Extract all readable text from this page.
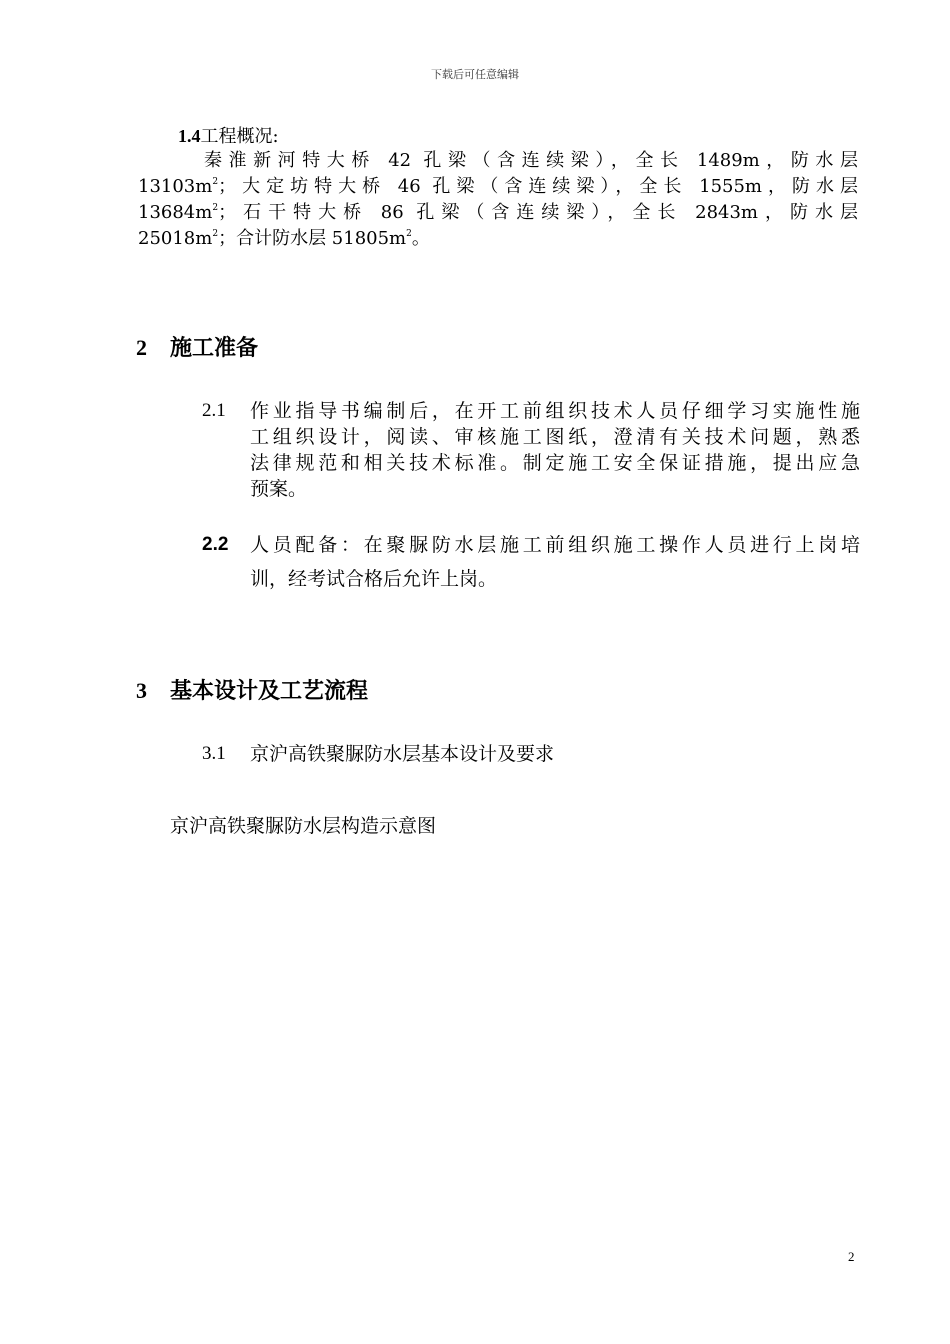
下载后可任意编辑
1.4工程概况:
秦淮新河特大桥 42 孔梁（含连续梁），全长 1489m，防水层
$13103m^2$；大定坊特大桥 46 孔梁（含连续梁），全长 1555m，防水层
$13684m^2$；石干特大桥 86 孔梁（含连续梁），全长 2843m，防水层
$25018m^2$；合计防水层 $51805m^2$。
2 施工准备
2.1 作业指导书编制后，在开工前组织技术人员仔细学习实施性施
工组织设计，阅读、审核施工图纸，澄清有关技术问题，熟悉
法律规范和相关技术标准。制定施工安全保证措施，提出应急
预案。
2.2 人员配备：在聚脲防水层施工前组织施工操作人员进行上岗培
训，经考试合格后允许上岗。
3 基本设计及工艺流程
3.1 京沪高铁聚脲防水层基本设计及要求
京沪高铁聚脲防水层构造示意图
2
